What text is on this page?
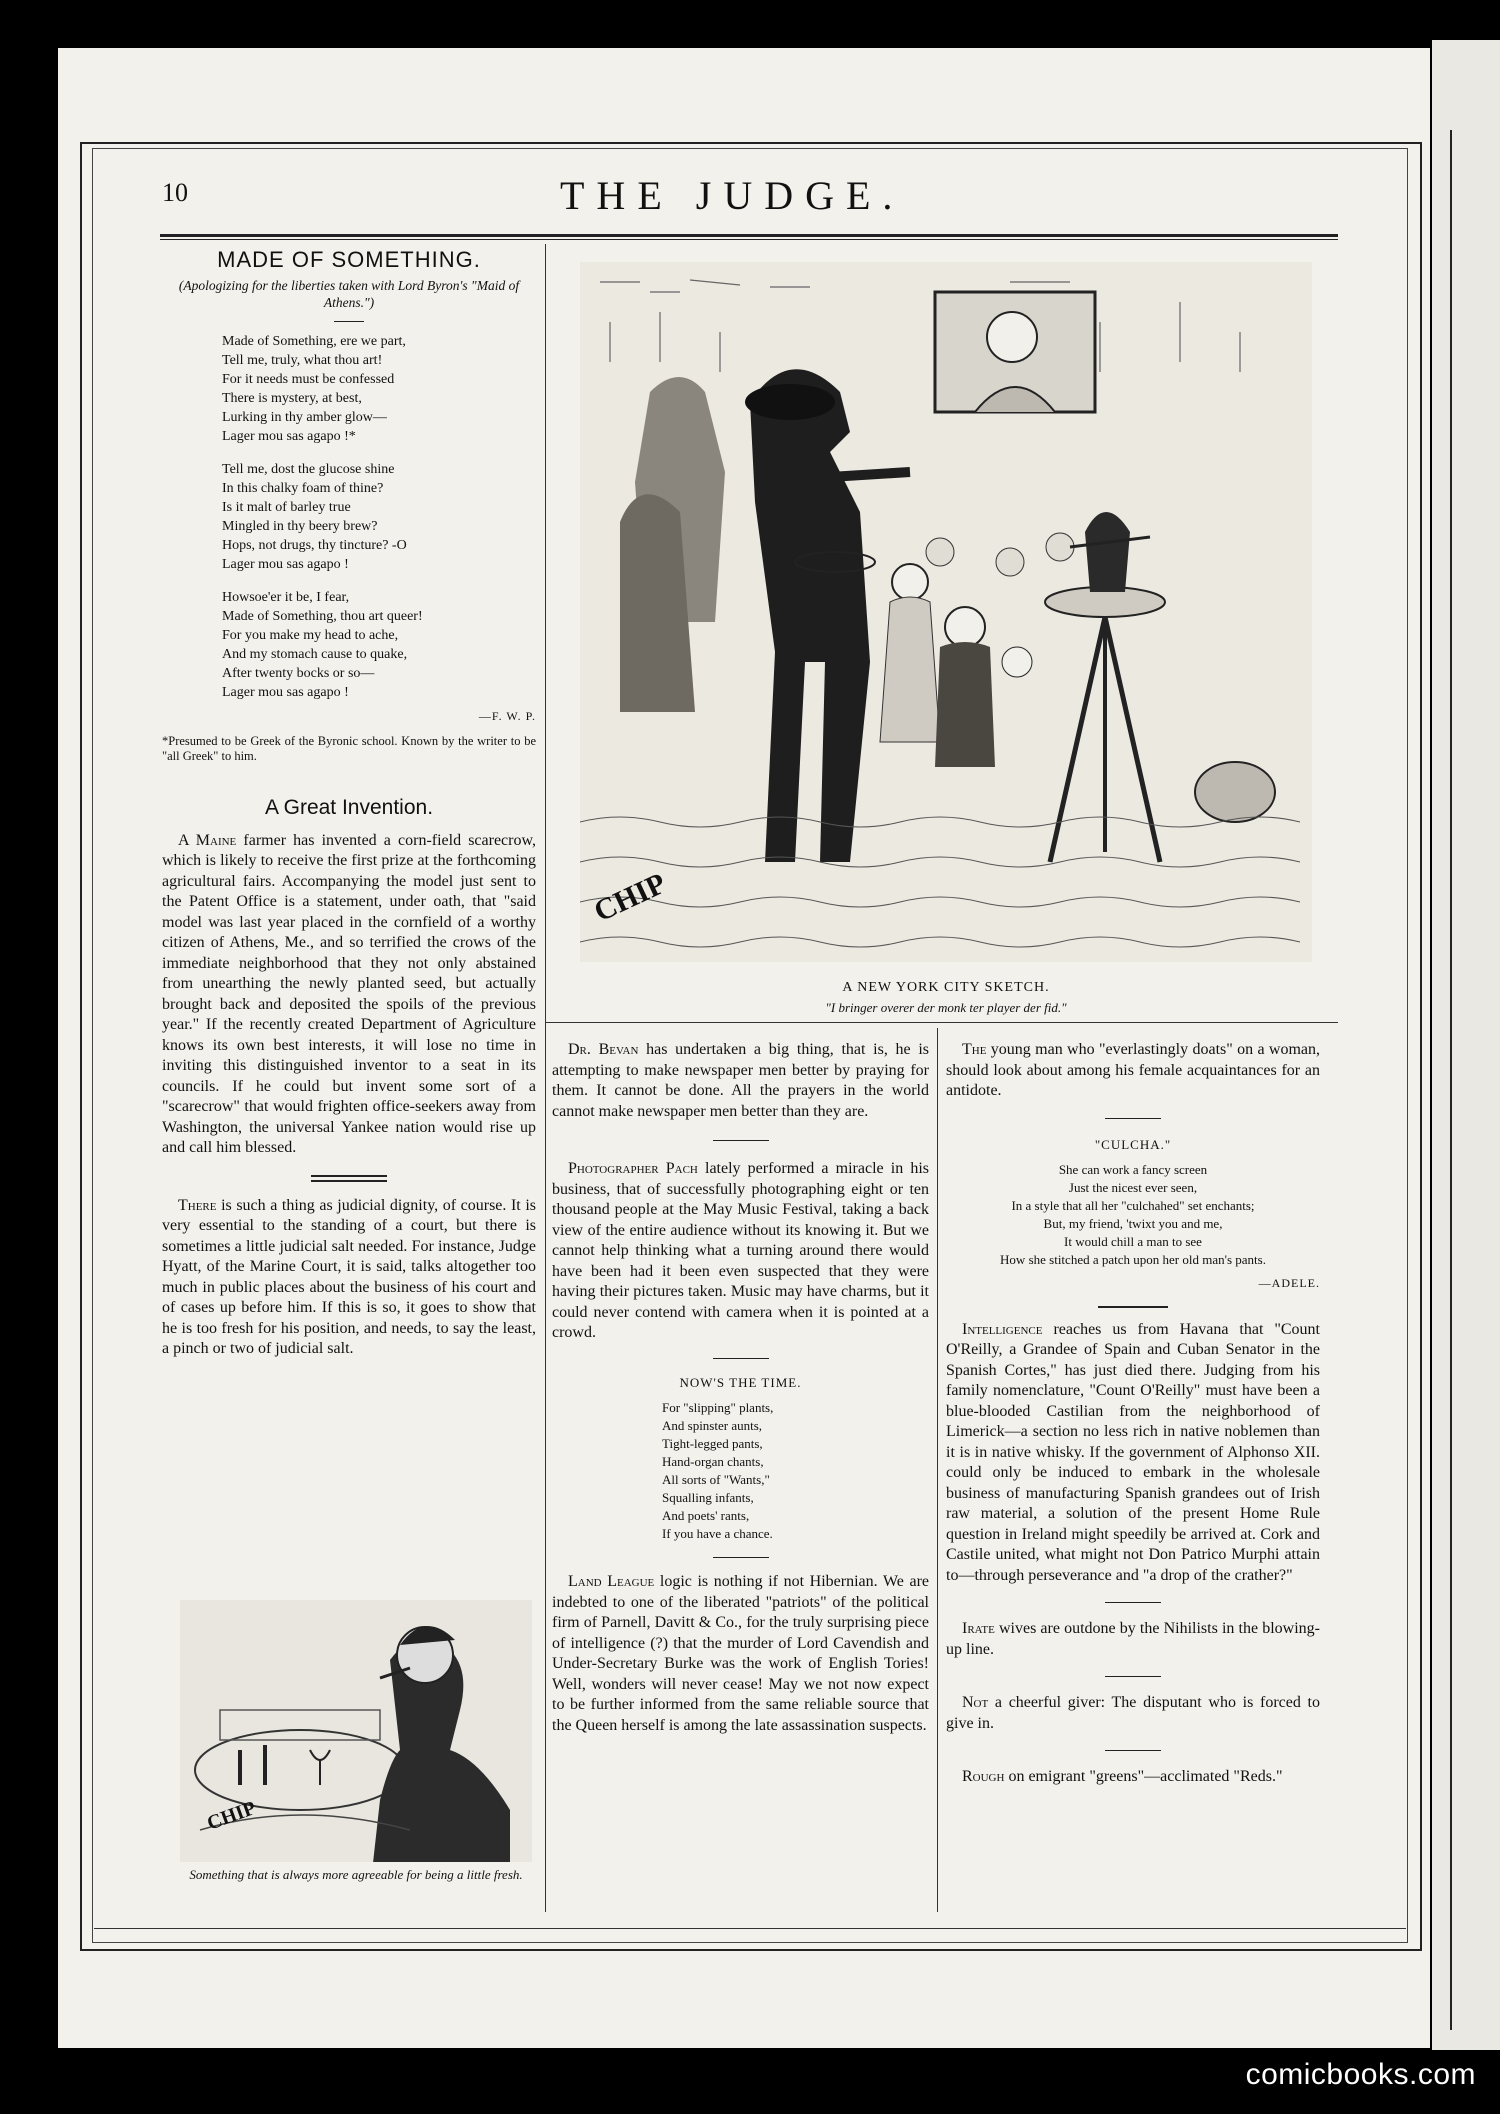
10	THE JUDGE.
MADE OF SOMETHING.
(Apologizing for the liberties taken with Lord Byron's "Maid of Athens.")
Made of Something, ere we part,
Tell me, truly, what thou art!
For it needs must be confessed
There is mystery, at best,
Lurking in thy amber glow—
Lager mou sas agapo !*
Tell me, dost the glucose shine
In this chalky foam of thine?
Is it malt of barley true
Mingled in thy beery brew?
Hops, not drugs, thy tincture? -O
Lager mou sas agapo !
Howsoe'er it be, I fear,
Made of Something, thou art queer!
For you make my head to ache,
And my stomach cause to quake,
After twenty bocks or so—
Lager mou sas agapo !
—F. W. P.
*Presumed to be Greek of the Byronic school. Known by the writer to be "all Greek" to him.
A Great Invention.

A Maine farmer has invented a corn-field scarecrow, which is likely to receive the first prize at the forthcoming agricultural fairs. Accompanying the model just sent to the Patent Office is a statement, under oath, that "said model was last year placed in the cornfield of a worthy citizen of Athens, Me., and so terrified the crows of the immediate neighborhood that they not only abstained from unearthing the newly planted seed, but actually brought back and deposited the spoils of the previous year." If the recently created Department of Agriculture knows its own best interests, it will lose no time in inviting this distinguished inventor to a seat in its councils. If he could but invent some sort of a "scarecrow" that would frighten office-seekers away from Washington, the universal Yankee nation would rise up and call him blessed.

There is such a thing as judicial dignity, of course. It is very essential to the standing of a court, but there is sometimes a little judicial salt needed. For instance, Judge Hyatt, of the Marine Court, it is said, talks altogether too much in public places about the business of his court and of cases up before him. If this is so, it goes to show that he is too fresh for his position, and needs, to say the least, a pinch or two of judicial salt.

CHIP
Something that is always more agreeable for being a little fresh.
CHIP
A NEW YORK CITY SKETCH.
"I bringer overer der monk ter player der fid."

Dr. Bevan has undertaken a big thing, that is, he is attempting to make newspaper men better by praying for them. It cannot be done. All the prayers in the world cannot make newspaper men better than they are.

Photographer Pach lately performed a miracle in his business, that of successfully photographing eight or ten thousand people at the May Music Festival, taking a back view of the entire audience without its knowing it. But we cannot help thinking what a turning around there would have been had it been even suspected that they were having their pictures taken. Music may have charms, but it could never contend with camera when it is pointed at a crowd.

NOW'S THE TIME.
For "slipping" plants,
And spinster aunts,
Tight-legged pants,
Hand-organ chants,
All sorts of "Wants,"
Squalling infants,
And poets' rants,
If you have a chance.

Land League logic is nothing if not Hibernian. We are indebted to one of the liberated "patriots" of the political firm of Parnell, Davitt & Co., for the truly surprising piece of intelligence (?) that the murder of Lord Cavendish and Under-Secretary Burke was the work of English Tories! Well, wonders will never cease! May we not now expect to be further informed from the same reliable source that the Queen herself is among the late assassination suspects.

The young man who "everlastingly doats" on a woman, should look about among his female acquaintances for an antidote.

"CULCHA."
She can work a fancy screen
Just the nicest ever seen,
In a style that all her "culchahed" set enchants;
But, my friend, 'twixt you and me,
It would chill a man to see
How she stitched a patch upon her old man's pants.
—ADELE.

Intelligence reaches us from Havana that "Count O'Reilly, a Grandee of Spain and Cuban Senator in the Spanish Cortes," has just died there. Judging from his family nomenclature, "Count O'Reilly" must have been a blue-blooded Castilian from the neighborhood of Limerick—a section no less rich in native noblemen than it is in native whisky. If the government of Alphonso XII. could only be induced to embark in the wholesale business of manufacturing Spanish grandees out of Irish raw material, a solution of the present Home Rule question in Ireland might speedily be arrived at. Cork and Castile united, what might not Don Patrico Murphi attain to—through perseverance and "a drop of the crather?"

Irate wives are outdone by the Nihilists in the blowing-up line.

Not a cheerful giver: The disputant who is forced to give in.

Rough on emigrant "greens"—acclimated "Reds."

comicbooks.com
